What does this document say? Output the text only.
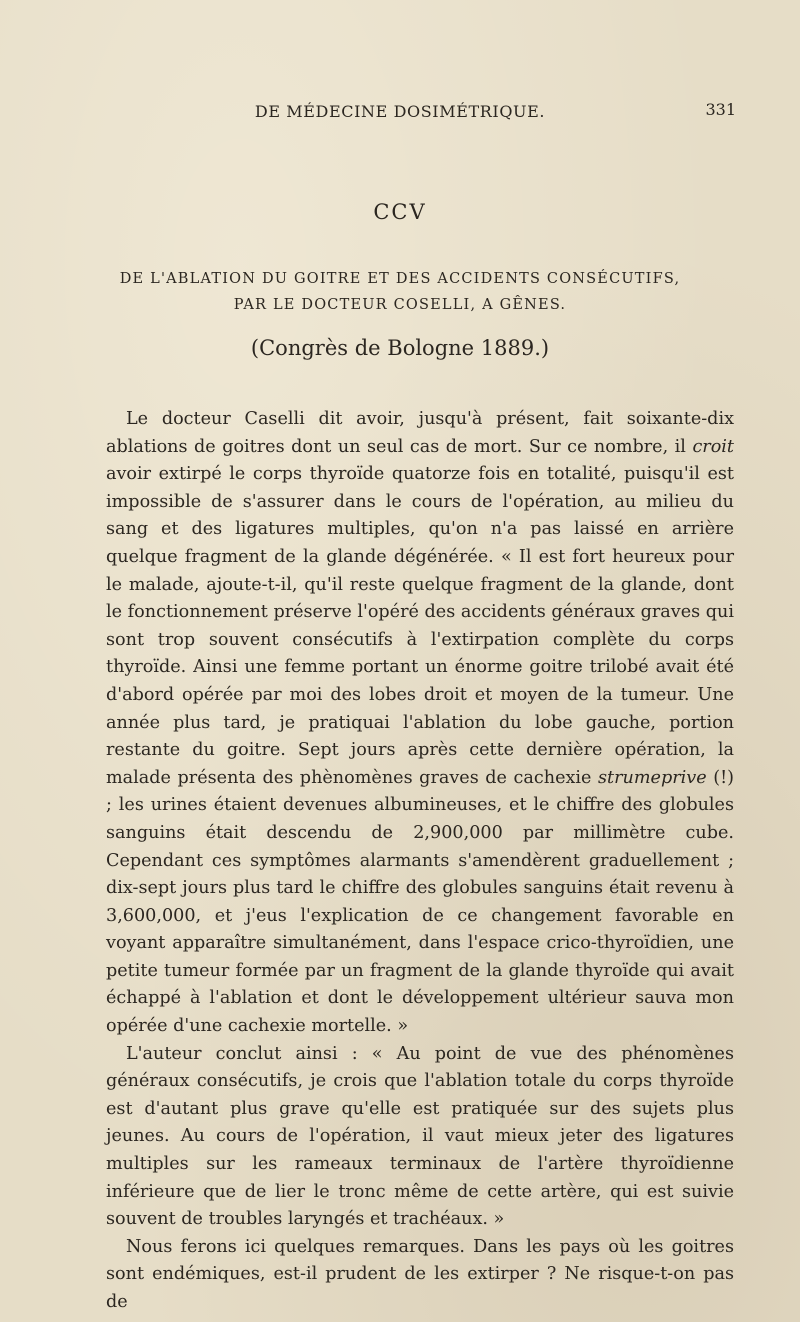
DE MÉDECINE DOSIMÉTRIQUE.	331
CCV
DE L'ABLATION DU GOITRE ET DES ACCIDENTS CONSÉCUTIFS,
PAR LE DOCTEUR COSELLI, A GÊNES.
(Congrès de Bologne 1889.)

Le docteur Caselli dit avoir, jusqu'à présent, fait soixante-dix ablations de goitres dont un seul cas de mort. Sur ce nombre, il croit avoir extirpé le corps thyroïde quatorze fois en totalité, puisqu'il est impossible de s'assurer dans le cours de l'opération, au milieu du sang et des ligatures multiples, qu'on n'a pas laissé en arrière quelque fragment de la glande dégénérée. « Il est fort heureux pour le malade, ajoute-t-il, qu'il reste quelque fragment de la glande, dont le fonctionnement préserve l'opéré des accidents généraux graves qui sont trop souvent consécutifs à l'extirpation complète du corps thyroïde. Ainsi une femme portant un énorme goitre trilobé avait été d'abord opérée par moi des lobes droit et moyen de la tumeur. Une année plus tard, je pratiquai l'ablation du lobe gauche, portion restante du goitre. Sept jours après cette dernière opération, la malade présenta des phènomènes graves de cachexie strumeprive (!) ; les urines étaient devenues albumineuses, et le chiffre des globules sanguins était descendu de 2,900,000 par millimètre cube. Cependant ces symptômes alarmants s'amendèrent graduellement ; dix-sept jours plus tard le chiffre des globules sanguins était revenu à 3,600,000, et j'eus l'explication de ce changement favorable en voyant apparaître simultanément, dans l'espace crico-thyroïdien, une petite tumeur formée par un fragment de la glande thyroïde qui avait échappé à l'ablation et dont le développement ultérieur sauva mon opérée d'une cachexie mortelle. »

L'auteur conclut ainsi : « Au point de vue des phénomènes généraux consécutifs, je crois que l'ablation totale du corps thyroïde est d'autant plus grave qu'elle est pratiquée sur des sujets plus jeunes. Au cours de l'opération, il vaut mieux jeter des ligatures multiples sur les rameaux terminaux de l'artère thyroïdienne inférieure que de lier le tronc même de cette artère, qui est suivie souvent de troubles laryngés et trachéaux. »

Nous ferons ici quelques remarques. Dans les pays où les goitres sont endémiques, est-il prudent de les extirper ? Ne risque-t-on pas de
